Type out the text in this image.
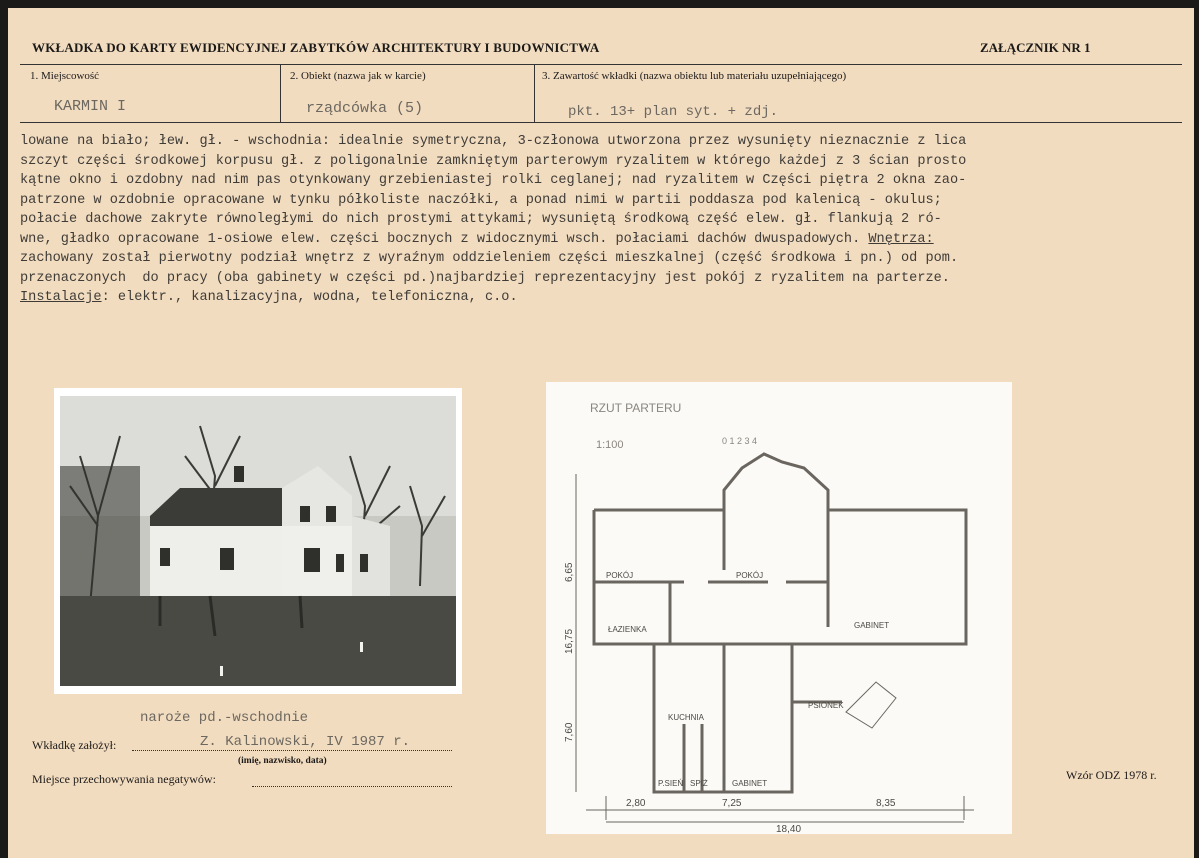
WKŁADKA DO KARTY EWIDENCYJNEJ ZABYTKÓW ARCHITEKTURY I BUDOWNICTWA	ZAŁĄCZNIK NR 1
1. Miejscowość
KARMIN I
2. Obiekt (nazwa jak w karcie)
rządcówka (5)
3. Zawartość wkładki (nazwa obiektu lub materiału uzupełniającego)
pkt. 13+ plan syt. + zdj.
lowane na biało; łew. gł. - wschodnia: idealnie symetryczna, 3-członowa utworzona przez wysunięty nieznacznie z lica
szczyt części środkowej korpusu gł. z poligonalnie zamkniętym parterowym ryzalitem w którego każdej z 3 ścian prosto
kątne okno i ozdobny nad nim pas otynkowany grzebieniastej rolki ceglanej; nad ryzalitem w Części piętra 2 okna zao-
patrzone w ozdobnie opracowane w tynku półkoliste naczółki, a ponad nimi w partii poddasza pod kalenicą - okulus;
połacie dachowe zakryte równoległymi do nich prostymi attykami; wysuniętą środkową część elew. gł. flankują 2 ró-
wne, gładko opracowane 1-osiowe elew. części bocznych z widocznymi wsch. połaciami dachów dwuspadowych. Wnętrza:
zachowany został pierwotny podział wnętrz z wyraźnym oddzieleniem części mieszkalnej (część środkowa i pn.) od pom.
przenaczonych  do pracy (oba gabinety w części pd.)najbardziej reprezentacyjny jest pokój z ryzalitem na parterze.
Instalacje: elektr., kanalizacyjna, wodna, telefoniczna, c.o.
RZUT PARTERU
1:100	0 1 2 3 4
POKÓJ	POKÓJ
ŁAZIENKA	GABINET
PSIONEK
KUCHNIA
P.SIEŃ SPIŻ	GABINET
6,65
16,75
7,60
2,80	7,25	8,35
18,40
naroże pd.-wschodnie
Wkładkę założył:	Z. Kalinowski, IV 1987 r.
(imię, nazwisko, data)
Miejsce przechowywania negatywów:	Wzór ODZ 1978 r.
